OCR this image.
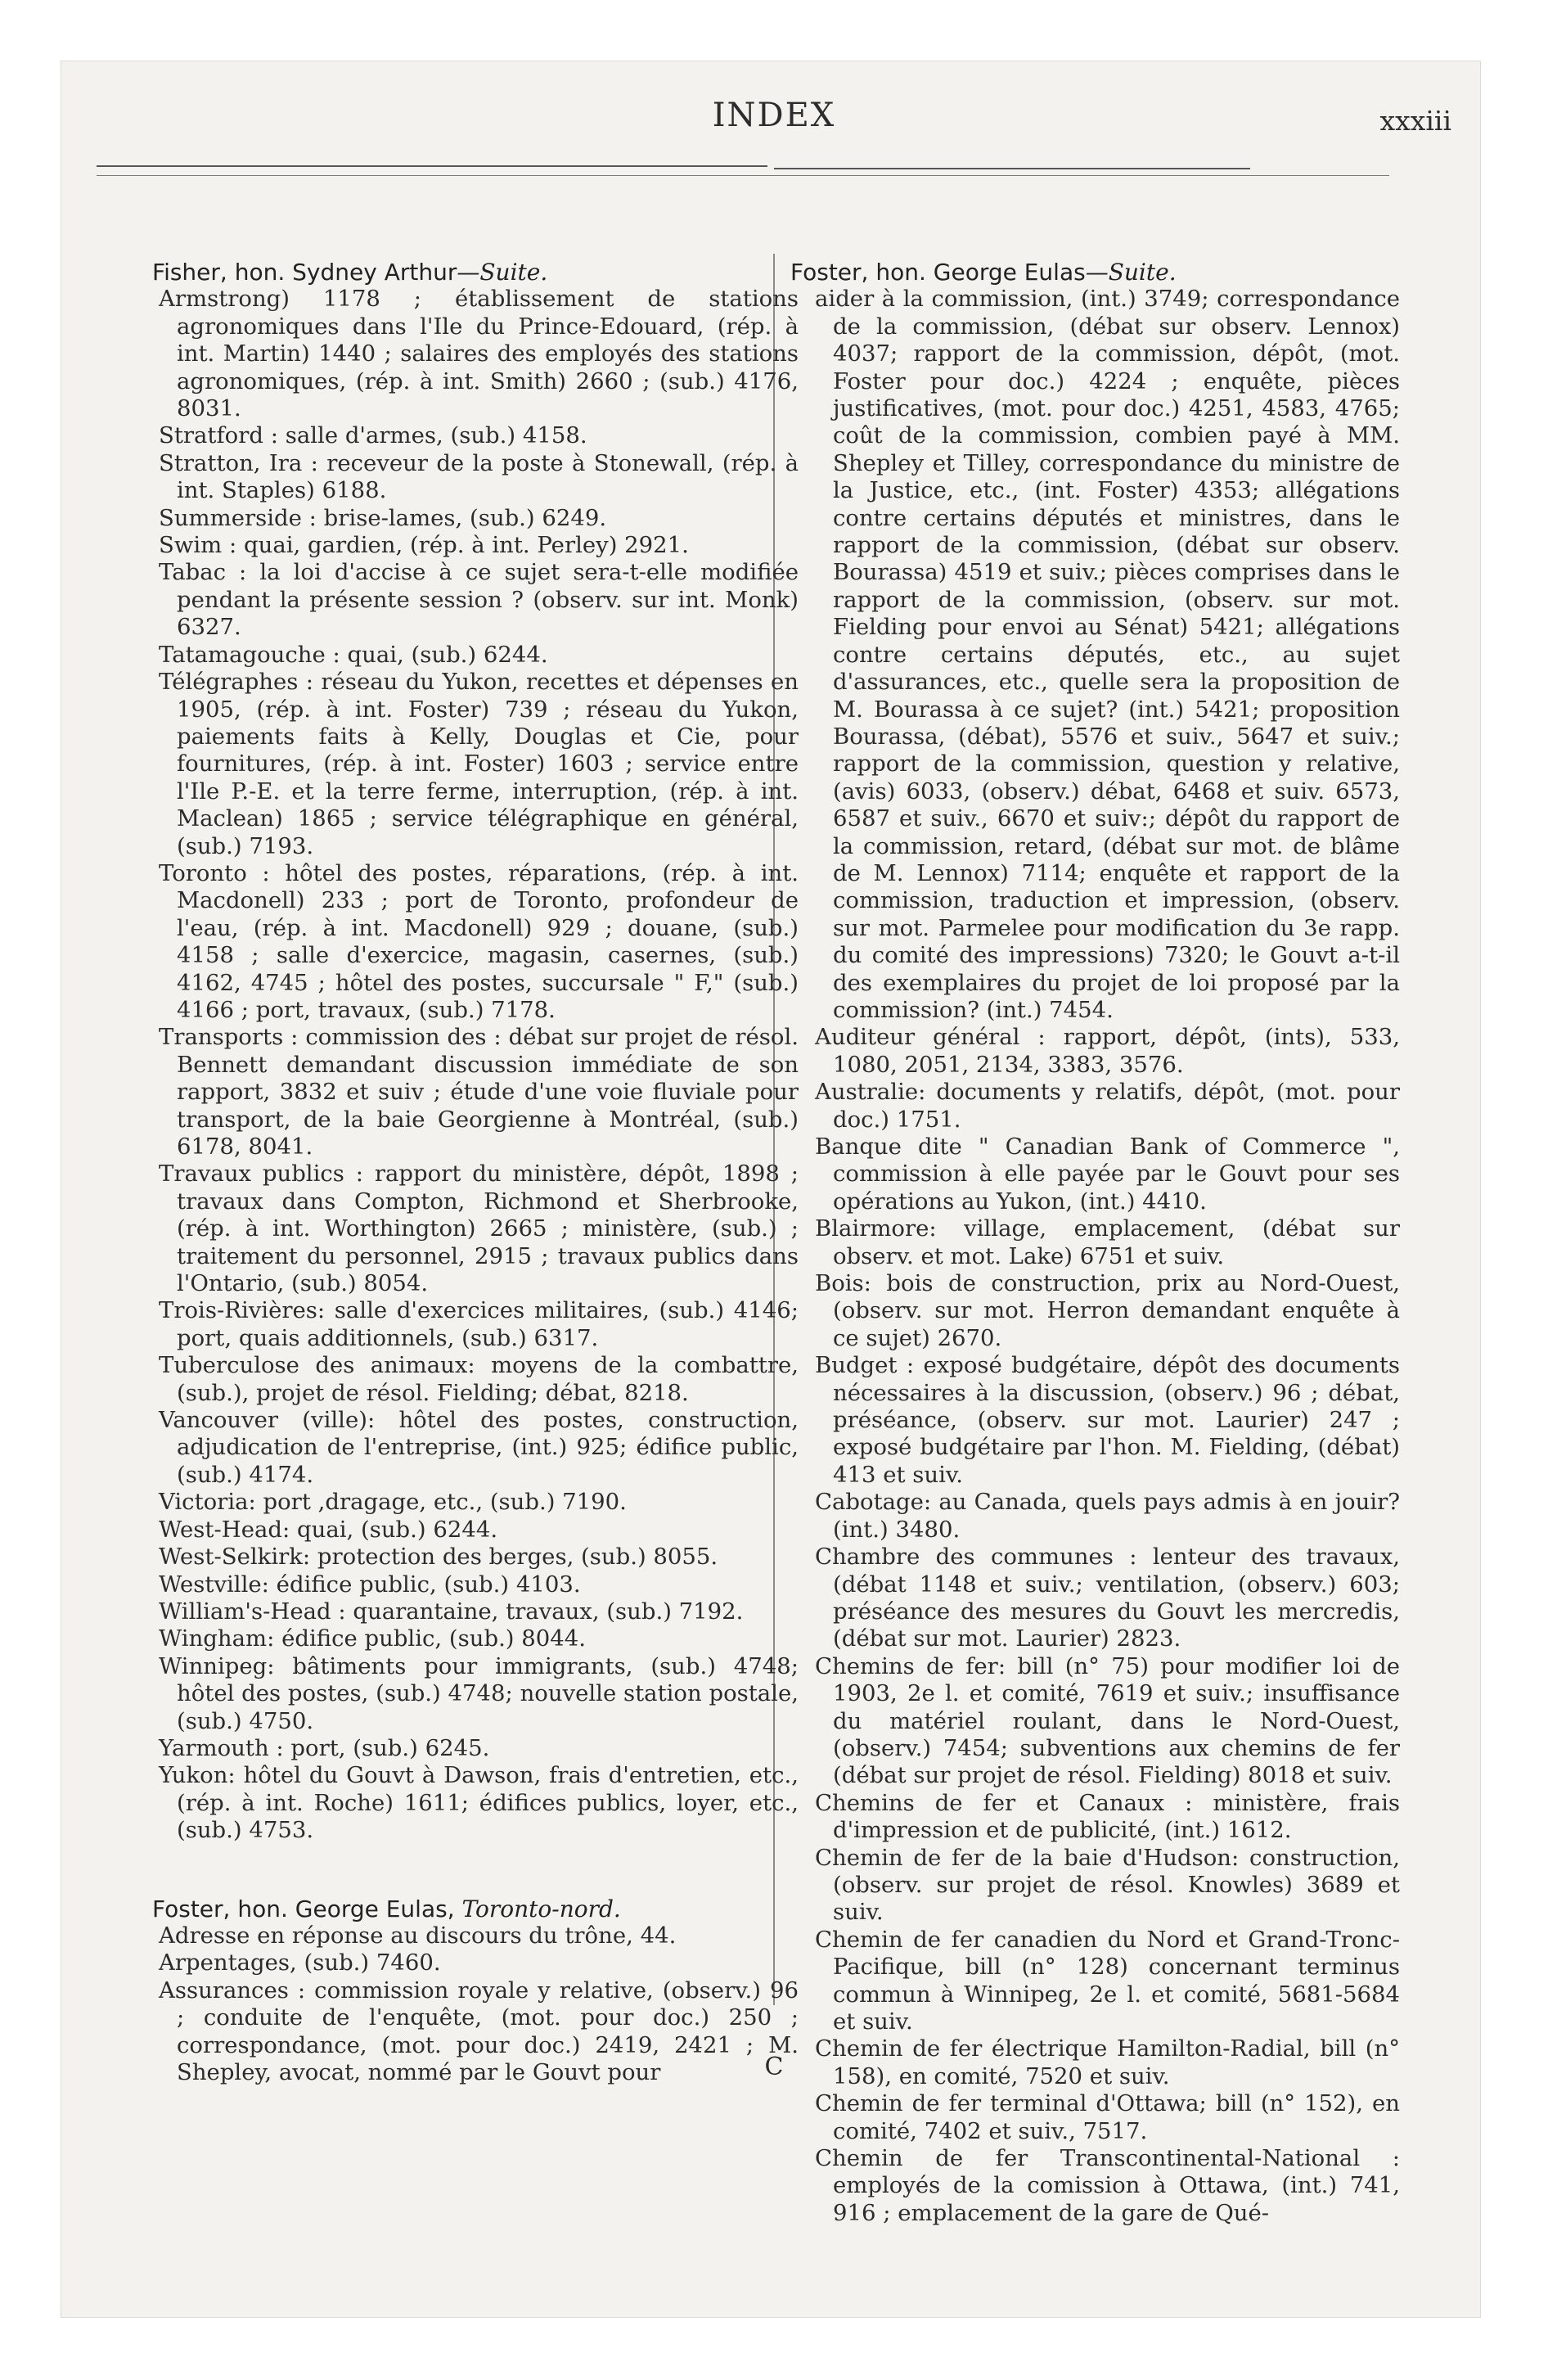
INDEX	xxxiii

Fisher, hon. Sydney Arthur—Suite.

Armstrong) 1178 ; établissement de stations agronomiques dans l'Ile du Prince-Edouard, (rép. à int. Martin) 1440 ; salaires des employés des stations agronomiques, (rép. à int. Smith) 2660 ; (sub.) 4176, 8031.

Stratford : salle d'armes, (sub.) 4158.

Stratton, Ira : receveur de la poste à Stonewall, (rép. à int. Staples) 6188.

Summerside : brise-lames, (sub.) 6249.

Swim : quai, gardien, (rép. à int. Perley) 2921.

Tabac : la loi d'accise à ce sujet sera-t-elle modifiée pendant la présente session ? (observ. sur int. Monk) 6327.

Tatamagouche : quai, (sub.) 6244.

Télégraphes : réseau du Yukon, recettes et dépenses en 1905, (rép. à int. Foster) 739 ; réseau du Yukon, paiements faits à Kelly, Douglas et Cie, pour fournitures, (rép. à int. Foster) 1603 ; service entre l'Ile P.-E. et la terre ferme, interruption, (rép. à int. Maclean) 1865 ; service télégraphique en général, (sub.) 7193.

Toronto : hôtel des postes, réparations, (rép. à int. Macdonell) 233 ; port de Toronto, profondeur de l'eau, (rép. à int. Macdonell) 929 ; douane, (sub.) 4158 ; salle d'exercice, magasin, casernes, (sub.) 4162, 4745 ; hôtel des postes, succursale " F," (sub.) 4166 ; port, travaux, (sub.) 7178.

Transports : commission des : débat sur projet de résol. Bennett demandant discussion immédiate de son rapport, 3832 et suiv ; étude d'une voie fluviale pour transport, de la baie Georgienne à Montréal, (sub.) 6178, 8041.

Travaux publics : rapport du ministère, dépôt, 1898 ; travaux dans Compton, Richmond et Sherbrooke, (rép. à int. Worthington) 2665 ; ministère, (sub.) ; traitement du personnel, 2915 ; travaux publics dans l'Ontario, (sub.) 8054.

Trois-Rivières: salle d'exercices militaires, (sub.) 4146; port, quais additionnels, (sub.) 6317.

Tuberculose des animaux: moyens de la combattre, (sub.), projet de résol. Fielding; débat, 8218.

Vancouver (ville): hôtel des postes, construction, adjudication de l'entreprise, (int.) 925; édifice public, (sub.) 4174.

Victoria: port ,dragage, etc., (sub.) 7190.

West-Head: quai, (sub.) 6244.

West-Selkirk: protection des berges, (sub.) 8055.

Westville: édifice public, (sub.) 4103.

William's-Head : quarantaine, travaux, (sub.) 7192.

Wingham: édifice public, (sub.) 8044.

Winnipeg: bâtiments pour immigrants, (sub.) 4748; hôtel des postes, (sub.) 4748; nouvelle station postale, (sub.) 4750.

Yarmouth : port, (sub.) 6245.

Yukon: hôtel du Gouvt à Dawson, frais d'entretien, etc., (rép. à int. Roche) 1611; édifices publics, loyer, etc., (sub.) 4753.

Foster, hon. George Eulas, Toronto-nord.

Adresse en réponse au discours du trône, 44.

Arpentages, (sub.) 7460.

Assurances : commission royale y relative, (observ.) 96 ; conduite de l'enquête, (mot. pour doc.) 250 ; correspondance, (mot. pour doc.) 2419, 2421 ; M. Shepley, avocat, nommé par le Gouvt pour

Foster, hon. George Eulas—Suite.

aider à la commission, (int.) 3749; correspondance de la commission, (débat sur observ. Lennox) 4037; rapport de la commission, dépôt, (mot. Foster pour doc.) 4224 ; enquête, pièces justificatives, (mot. pour doc.) 4251, 4583, 4765; coût de la commission, combien payé à MM. Shepley et Tilley, correspondance du ministre de la Justice, etc., (int. Foster) 4353; allégations contre certains députés et ministres, dans le rapport de la commission, (débat sur observ. Bourassa) 4519 et suiv.; pièces comprises dans le rapport de la commission, (observ. sur mot. Fielding pour envoi au Sénat) 5421; allégations contre certains députés, etc., au sujet d'assurances, etc., quelle sera la proposition de M. Bourassa à ce sujet? (int.) 5421; proposition Bourassa, (débat), 5576 et suiv., 5647 et suiv.; rapport de la commission, question y relative, (avis) 6033, (observ.) débat, 6468 et suiv. 6573, 6587 et suiv., 6670 et suiv:; dépôt du rapport de la commission, retard, (débat sur mot. de blâme de M. Lennox) 7114; enquête et rapport de la commission, traduction et impression, (observ. sur mot. Parmelee pour modification du 3e rapp. du comité des impressions) 7320; le Gouvt a-t-il des exemplaires du projet de loi proposé par la commission? (int.) 7454.

Auditeur général : rapport, dépôt, (ints), 533, 1080, 2051, 2134, 3383, 3576.

Australie: documents y relatifs, dépôt, (mot. pour doc.) 1751.

Banque dite " Canadian Bank of Commerce ", commission à elle payée par le Gouvt pour ses opérations au Yukon, (int.) 4410.

Blairmore: village, emplacement, (débat sur observ. et mot. Lake) 6751 et suiv.

Bois: bois de construction, prix au Nord-Ouest, (observ. sur mot. Herron demandant enquête à ce sujet) 2670.

Budget : exposé budgétaire, dépôt des documents nécessaires à la discussion, (observ.) 96 ; débat, préséance, (observ. sur mot. Laurier) 247 ; exposé budgétaire par l'hon. M. Fielding, (débat) 413 et suiv.

Cabotage: au Canada, quels pays admis à en jouir? (int.) 3480.

Chambre des communes : lenteur des travaux, (débat 1148 et suiv.; ventilation, (observ.) 603; préséance des mesures du Gouvt les mercredis, (débat sur mot. Laurier) 2823.

Chemins de fer: bill (n° 75) pour modifier loi de 1903, 2e l. et comité, 7619 et suiv.; insuffisance du matériel roulant, dans le Nord-Ouest, (observ.) 7454; subventions aux chemins de fer (débat sur projet de résol. Fielding) 8018 et suiv.

Chemins de fer et Canaux : ministère, frais d'impression et de publicité, (int.) 1612.

Chemin de fer de la baie d'Hudson: construction, (observ. sur projet de résol. Knowles) 3689 et suiv.

Chemin de fer canadien du Nord et Grand-Tronc-Pacifique, bill (n° 128) concernant terminus commun à Winnipeg, 2e l. et comité, 5681-5684 et suiv.

Chemin de fer électrique Hamilton-Radial, bill (n° 158), en comité, 7520 et suiv.

Chemin de fer terminal d'Ottawa; bill (n° 152), en comité, 7402 et suiv., 7517.

Chemin de fer Transcontinental-National : employés de la comission à Ottawa, (int.) 741, 916 ; emplacement de la gare de Qué-

C
